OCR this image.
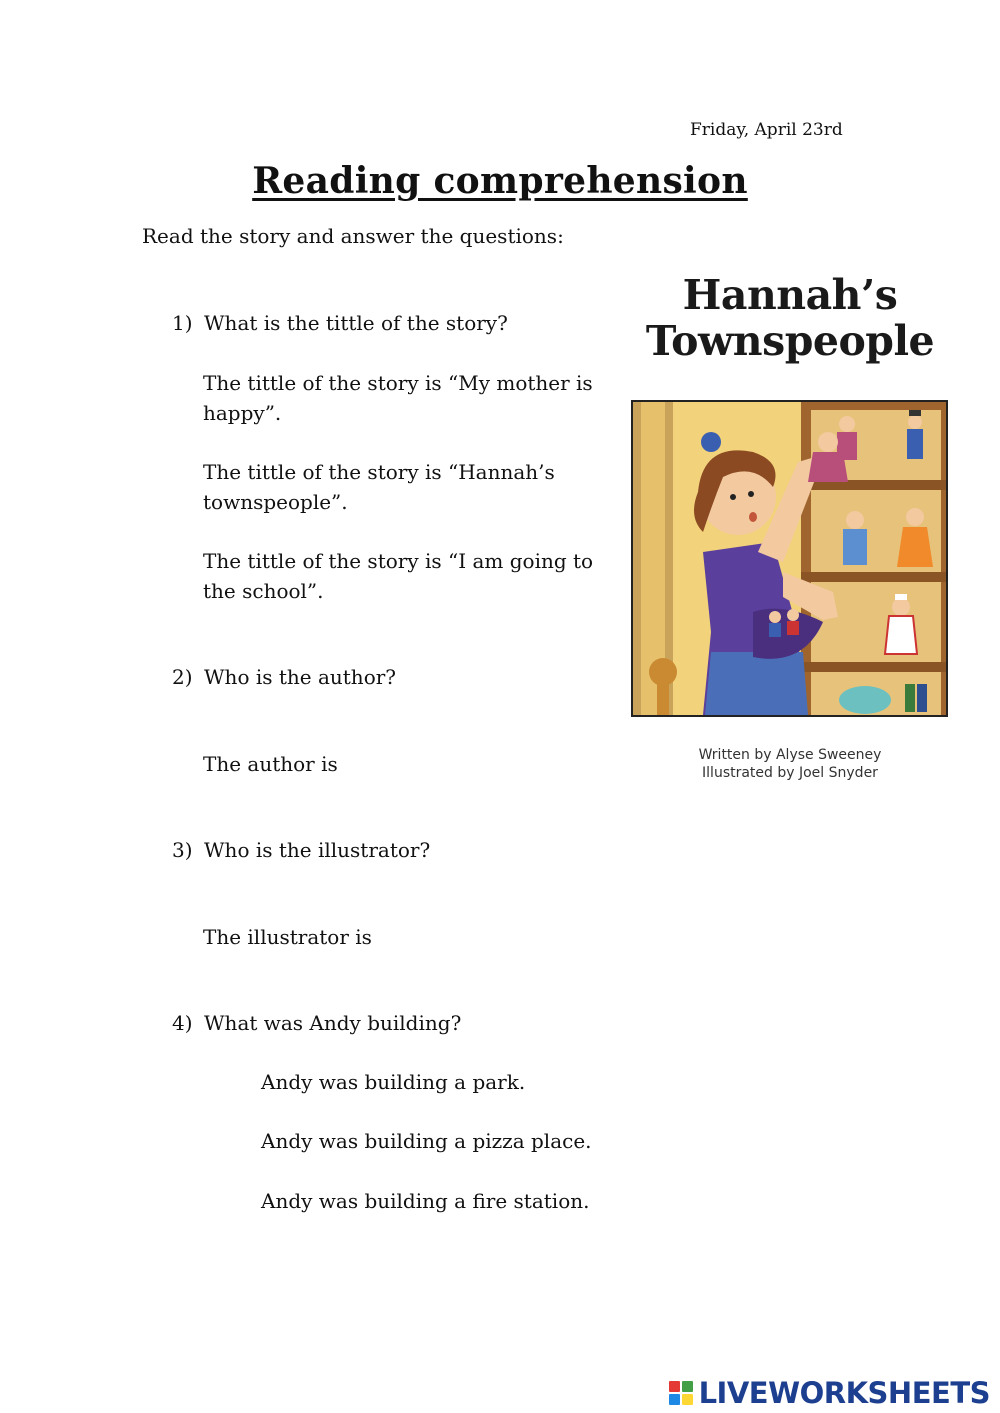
Friday, April 23rd
Reading comprehension
Read the story and answer the questions:
1) What is the tittle of the story?
The tittle of the story is “My mother is happy”.
The tittle of the story is “Hannah’s townspeople”.
The tittle of the story is “I am going to the school”.
2) Who is the author?
The author is
3) Who is the illustrator?
The illustrator is
4) What was Andy building?
Andy was building a park.
Andy was building a pizza place.
Andy was building a fire station.
Hannah’s
Townspeople
Written by Alyse Sweeney
Illustrated by Joel Snyder
LIVEWORKSHEETS
